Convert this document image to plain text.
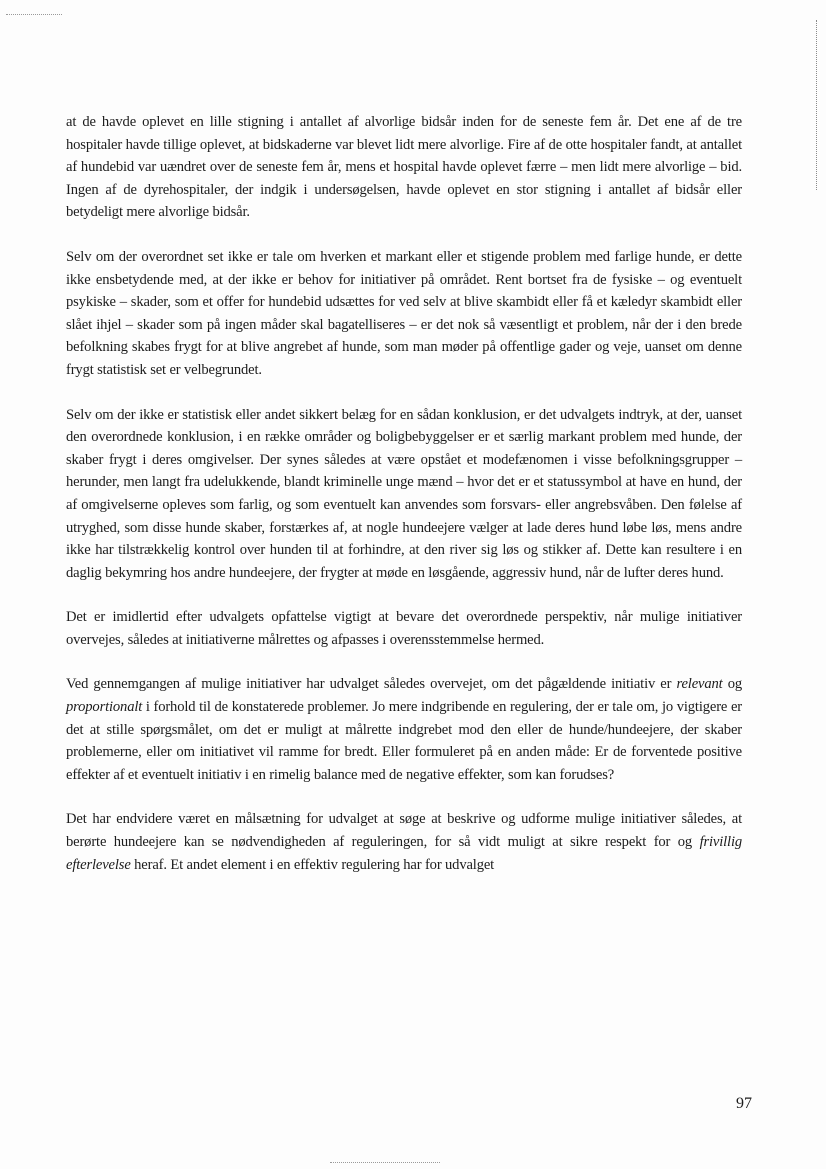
at de havde oplevet en lille stigning i antallet af alvorlige bidsår inden for de seneste fem år. Det ene af de tre hospitaler havde tillige oplevet, at bidskaderne var blevet lidt mere alvorlige. Fire af de otte hospitaler fandt, at antallet af hundebid var uændret over de seneste fem år, mens et hospital havde oplevet færre – men lidt mere alvorlige – bid. Ingen af de dyrehospitaler, der indgik i undersøgelsen, havde oplevet en stor stigning i antallet af bidsår eller betydeligt mere alvorlige bidsår.

Selv om der overordnet set ikke er tale om hverken et markant eller et stigende problem med farlige hunde, er dette ikke ensbetydende med, at der ikke er behov for initiativer på området. Rent bortset fra de fysiske – og eventuelt psykiske – skader, som et offer for hundebid udsættes for ved selv at blive skambidt eller få et kæledyr skambidt eller slået ihjel – skader som på ingen måder skal bagatelliseres – er det nok så væsentligt et problem, når der i den brede befolkning skabes frygt for at blive angrebet af hunde, som man møder på offentlige gader og veje, uanset om denne frygt statistisk set er velbegrundet.

Selv om der ikke er statistisk eller andet sikkert belæg for en sådan konklusion, er det udvalgets indtryk, at der, uanset den overordnede konklusion, i en række områder og boligbebyggelser er et særlig markant problem med hunde, der skaber frygt i deres omgivelser. Der synes således at være opstået et modefænomen i visse befolkningsgrupper – herunder, men langt fra udelukkende, blandt kriminelle unge mænd – hvor det er et statussymbol at have en hund, der af omgivelserne opleves som farlig, og som eventuelt kan anvendes som forsvars- eller angrebsvåben. Den følelse af utryghed, som disse hunde skaber, forstærkes af, at nogle hundeejere vælger at lade deres hund løbe løs, mens andre ikke har tilstrækkelig kontrol over hunden til at forhindre, at den river sig løs og stikker af. Dette kan resultere i en daglig bekymring hos andre hundeejere, der frygter at møde en løsgående, aggressiv hund, når de lufter deres hund.

Det er imidlertid efter udvalgets opfattelse vigtigt at bevare det overordnede perspektiv, når mulige initiativer overvejes, således at initiativerne målrettes og afpasses i overensstemmelse hermed.

Ved gennemgangen af mulige initiativer har udvalget således overvejet, om det pågældende initiativ er relevant og proportionalt i forhold til de konstaterede problemer. Jo mere indgribende en regulering, der er tale om, jo vigtigere er det at stille spørgsmålet, om det er muligt at målrette indgrebet mod den eller de hunde/hundeejere, der skaber problemerne, eller om initiativet vil ramme for bredt. Eller formuleret på en anden måde: Er de forventede positive effekter af et eventuelt initiativ i en rimelig balance med de negative effekter, som kan forudses?

Det har endvidere været en målsætning for udvalget at søge at beskrive og udforme mulige initiativer således, at berørte hundeejere kan se nødvendigheden af reguleringen, for så vidt muligt at sikre respekt for og frivillig efterlevelse heraf. Et andet element i en effektiv regulering har for udvalget

97
